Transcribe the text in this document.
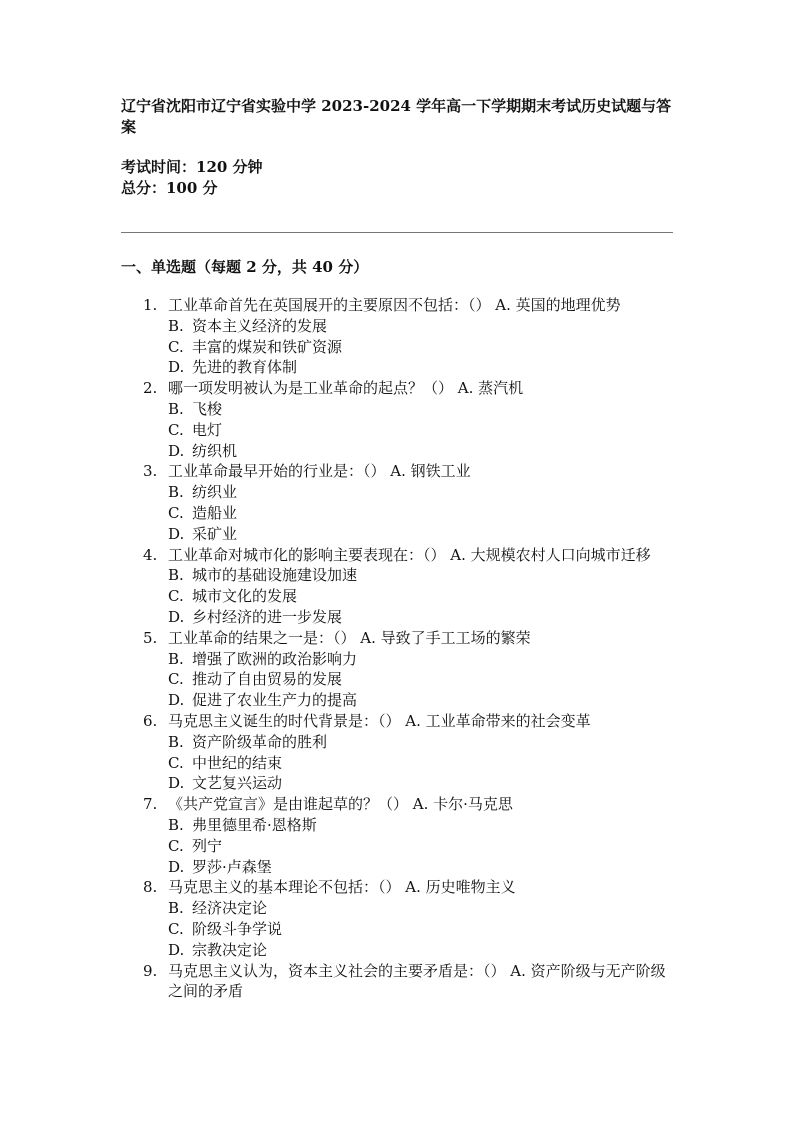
辽宁省沈阳市辽宁省实验中学 2023-2024 学年高一下学期期末考试历史试题与答案
考试时间：120 分钟
总分：100 分
一、单选题（每题 2 分，共 40 分）
1. 工业革命首先在英国展开的主要原因不包括：（） A. 英国的地理优势
B. 资本主义经济的发展
C. 丰富的煤炭和铁矿资源
D. 先进的教育体制
2. 哪一项发明被认为是工业革命的起点？（） A. 蒸汽机
B. 飞梭
C. 电灯
D. 纺织机
3. 工业革命最早开始的行业是：（） A. 钢铁工业
B. 纺织业
C. 造船业
D. 采矿业
4. 工业革命对城市化的影响主要表现在：（） A. 大规模农村人口向城市迁移
B. 城市的基础设施建设加速
C. 城市文化的发展
D. 乡村经济的进一步发展
5. 工业革命的结果之一是：（） A. 导致了手工工场的繁荣
B. 增强了欧洲的政治影响力
C. 推动了自由贸易的发展
D. 促进了农业生产力的提高
6. 马克思主义诞生的时代背景是：（） A. 工业革命带来的社会变革
B. 资产阶级革命的胜利
C. 中世纪的结束
D. 文艺复兴运动
7. 《共产党宣言》是由谁起草的？（） A. 卡尔·马克思
B. 弗里德里希·恩格斯
C. 列宁
D. 罗莎·卢森堡
8. 马克思主义的基本理论不包括：（） A. 历史唯物主义
B. 经济决定论
C. 阶级斗争学说
D. 宗教决定论
9. 马克思主义认为，资本主义社会的主要矛盾是：（） A. 资产阶级与无产阶级之间的矛盾
